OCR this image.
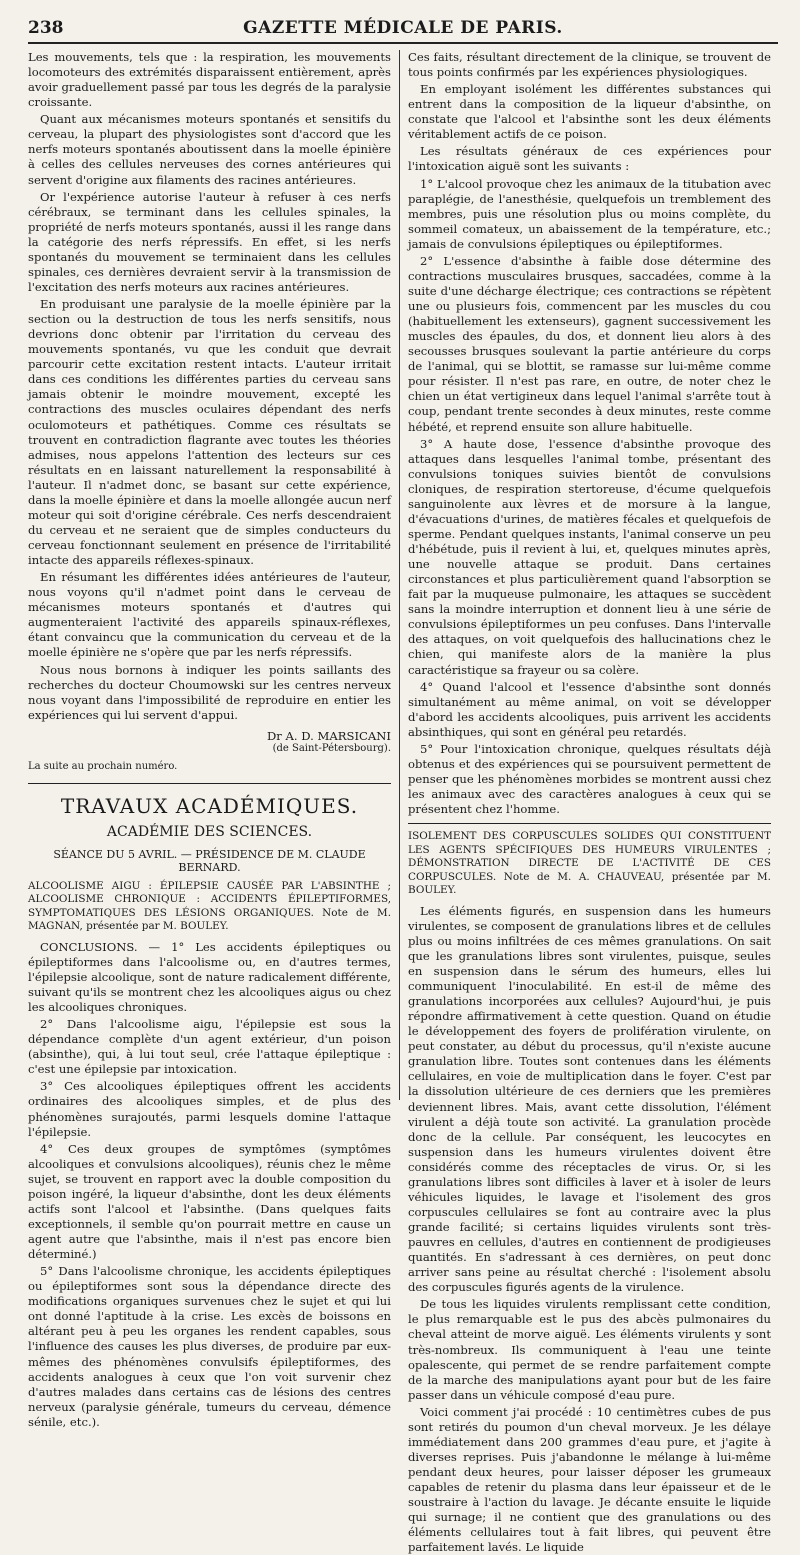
238	GAZETTE MÉDICALE DE PARIS.

Les mouvements, tels que : la respiration, les mouvements locomoteurs des extrémités disparaissent entièrement, après avoir graduellement passé par tous les degrés de la paralysie croissante.

Quant aux mécanismes moteurs spontanés et sensitifs du cerveau, la plupart des physiologistes sont d'accord que les nerfs moteurs spontanés aboutissent dans la moelle épinière à celles des cellules nerveuses des cornes antérieures qui servent d'origine aux filaments des racines antérieures.

Or l'expérience autorise l'auteur à refuser à ces nerfs cérébraux, se terminant dans les cellules spinales, la propriété de nerfs moteurs spontanés, aussi il les range dans la catégorie des nerfs répressifs. En effet, si les nerfs spontanés du mouvement se terminaient dans les cellules spinales, ces dernières devraient servir à la transmission de l'excitation des nerfs moteurs aux racines antérieures.

En produisant une paralysie de la moelle épinière par la section ou la destruction de tous les nerfs sensitifs, nous devrions donc obtenir par l'irritation du cerveau des mouvements spontanés, vu que les conduit que devrait parcourir cette excitation restent intacts. L'auteur irritait dans ces conditions les différentes parties du cerveau sans jamais obtenir le moindre mouvement, excepté les contractions des muscles oculaires dépendant des nerfs oculomoteurs et pathétiques. Comme ces résultats se trouvent en contradiction flagrante avec toutes les théories admises, nous appelons l'attention des lecteurs sur ces résultats en en laissant naturellement la responsabilité à l'auteur. Il n'admet donc, se basant sur cette expérience, dans la moelle épinière et dans la moelle allongée aucun nerf moteur qui soit d'origine cérébrale. Ces nerfs descendraient du cerveau et ne seraient que de simples conducteurs du cerveau fonctionnant seulement en présence de l'irritabilité intacte des appareils réflexes-spinaux.

En résumant les différentes idées antérieures de l'auteur, nous voyons qu'il n'admet point dans le cerveau de mécanismes moteurs spontanés et d'autres qui augmenteraient l'activité des appareils spinaux-réflexes, étant convaincu que la communication du cerveau et de la moelle épinière ne s'opère que par les nerfs répressifs.

Nous nous bornons à indiquer les points saillants des recherches du docteur Choumowski sur les centres nerveux nous voyant dans l'impossibilité de reproduire en entier les expériences qui lui servent d'appui.

Dr A. D. MARSICANI
(de Saint-Pétersbourg).

La suite au prochain numéro.

TRAVAUX ACADÉMIQUES.
ACADÉMIE DES SCIENCES.
SÉANCE DU 5 AVRIL. — PRÉSIDENCE DE M. CLAUDE BERNARD.

ALCOOLISME AIGU : ÉPILEPSIE CAUSÉE PAR L'ABSINTHE ; ALCOOLISME CHRONIQUE : ACCIDENTS ÉPILEPTIFORMES, SYMPTOMATIQUES DES LÉSIONS ORGANIQUES. Note de M. MAGNAN, présentée par M. BOULEY.

CONCLUSIONS. — 1° Les accidents épileptiques ou épileptiformes dans l'alcoolisme ou, en d'autres termes, l'épilepsie alcoolique, sont de nature radicalement différente, suivant qu'ils se montrent chez les alcooliques aigus ou chez les alcooliques chroniques.

2° Dans l'alcoolisme aigu, l'épilepsie est sous la dépendance complète d'un agent extérieur, d'un poison (absinthe), qui, à lui tout seul, crée l'attaque épileptique : c'est une épilepsie par intoxication.

3° Ces alcooliques épileptiques offrent les accidents ordinaires des alcooliques simples, et de plus des phénomènes surajoutés, parmi lesquels domine l'attaque l'épilepsie.

4° Ces deux groupes de symptômes (symptômes alcooliques et convulsions alcooliques), réunis chez le même sujet, se trouvent en rapport avec la double composition du poison ingéré, la liqueur d'absinthe, dont les deux éléments actifs sont l'alcool et l'absinthe. (Dans quelques faits exceptionnels, il semble qu'on pourrait mettre en cause un agent autre que l'absinthe, mais il n'est pas encore bien déterminé.)

5° Dans l'alcoolisme chronique, les accidents épileptiques ou épileptiformes sont sous la dépendance directe des modifications organiques survenues chez le sujet et qui lui ont donné l'aptitude à la crise. Les excès de boissons en altérant peu à peu les organes les rendent capables, sous l'influence des causes les plus diverses, de produire par eux-mêmes des phénomènes convulsifs épileptiformes, des accidents analogues à ceux que l'on voit survenir chez d'autres malades dans certains cas de lésions des centres nerveux (paralysie générale, tumeurs du cerveau, démence sénile, etc.).

Ces faits, résultant directement de la clinique, se trouvent de tous points confirmés par les expériences physiologiques.

En employant isolément les différentes substances qui entrent dans la composition de la liqueur d'absinthe, on constate que l'alcool et l'absinthe sont les deux éléments véritablement actifs de ce poison.

Les résultats généraux de ces expériences pour l'intoxication aiguë sont les suivants :

1° L'alcool provoque chez les animaux de la titubation avec paraplégie, de l'anesthésie, quelquefois un tremblement des membres, puis une résolution plus ou moins complète, du sommeil comateux, un abaissement de la température, etc.; jamais de convulsions épileptiques ou épileptiformes.

2° L'essence d'absinthe à faible dose détermine des contractions musculaires brusques, saccadées, comme à la suite d'une décharge électrique; ces contractions se répètent une ou plusieurs fois, commencent par les muscles du cou (habituellement les extenseurs), gagnent successivement les muscles des épaules, du dos, et donnent lieu alors à des secousses brusques soulevant la partie antérieure du corps de l'animal, qui se blottit, se ramasse sur lui-même comme pour résister. Il n'est pas rare, en outre, de noter chez le chien un état vertigineux dans lequel l'animal s'arrête tout à coup, pendant trente secondes à deux minutes, reste comme hébété, et reprend ensuite son allure habituelle.

3° A haute dose, l'essence d'absinthe provoque des attaques dans lesquelles l'animal tombe, présentant des convulsions toniques suivies bientôt de convulsions cloniques, de respiration stertoreuse, d'écume quelquefois sanguinolente aux lèvres et de morsure à la langue, d'évacuations d'urines, de matières fécales et quelquefois de sperme. Pendant quelques instants, l'animal conserve un peu d'hébétude, puis il revient à lui, et, quelques minutes après, une nouvelle attaque se produit. Dans certaines circonstances et plus particulièrement quand l'absorption se fait par la muqueuse pulmonaire, les attaques se succèdent sans la moindre interruption et donnent lieu à une série de convulsions épileptiformes un peu confuses. Dans l'intervalle des attaques, on voit quelquefois des hallucinations chez le chien, qui manifeste alors de la manière la plus caractéristique sa frayeur ou sa colère.

4° Quand l'alcool et l'essence d'absinthe sont donnés simultanément au même animal, on voit se développer d'abord les accidents alcooliques, puis arrivent les accidents absinthiques, qui sont en général peu retardés.

5° Pour l'intoxication chronique, quelques résultats déjà obtenus et des expériences qui se poursuivent permettent de penser que les phénomènes morbides se montrent aussi chez les animaux avec des caractères analogues à ceux qui se présentent chez l'homme.

ISOLEMENT DES CORPUSCULES SOLIDES QUI CONSTITUENT LES AGENTS SPÉCIFIQUES DES HUMEURS VIRULENTES ; DÉMONSTRATION DIRECTE DE L'ACTIVITÉ DE CES CORPUSCULES. Note de M. A. CHAUVEAU, présentée par M. BOULEY.

Les éléments figurés, en suspension dans les humeurs virulentes, se composent de granulations libres et de cellules plus ou moins infiltrées de ces mêmes granulations. On sait que les granulations libres sont virulentes, puisque, seules en suspension dans le sérum des humeurs, elles lui communiquent l'inoculabilité. En est-il de même des granulations incorporées aux cellules? Aujourd'hui, je puis répondre affirmativement à cette question. Quand on étudie le développement des foyers de prolifération virulente, on peut constater, au début du processus, qu'il n'existe aucune granulation libre. Toutes sont contenues dans les éléments cellulaires, en voie de multiplication dans le foyer. C'est par la dissolution ultérieure de ces derniers que les premières deviennent libres. Mais, avant cette dissolution, l'élément virulent a déjà toute son activité. La granulation procède donc de la cellule. Par conséquent, les leucocytes en suspension dans les humeurs virulentes doivent être considérés comme des réceptacles de virus. Or, si les granulations libres sont difficiles à laver et à isoler de leurs véhicules liquides, le lavage et l'isolement des gros corpuscules cellulaires se font au contraire avec la plus grande facilité; si certains liquides virulents sont très-pauvres en cellules, d'autres en contiennent de prodigieuses quantités. En s'adressant à ces dernières, on peut donc arriver sans peine au résultat cherché : l'isolement absolu des corpuscules figurés agents de la virulence.

De tous les liquides virulents remplissant cette condition, le plus remarquable est le pus des abcès pulmonaires du cheval atteint de morve aiguë. Les éléments virulents y sont très-nombreux. Ils communiquent à l'eau une teinte opalescente, qui permet de se rendre parfaitement compte de la marche des manipulations ayant pour but de les faire passer dans un véhicule composé d'eau pure.

Voici comment j'ai procédé : 10 centimètres cubes de pus sont retirés du poumon d'un cheval morveux. Je les délaye immédiatement dans 200 grammes d'eau pure, et j'agite à diverses reprises. Puis j'abandonne le mélange à lui-même pendant deux heures, pour laisser déposer les grumeaux capables de retenir du plasma dans leur épaisseur et de le soustraire à l'action du lavage. Je décante ensuite le liquide qui surnage; il ne contient que des granulations ou des éléments cellulaires tout à fait libres, qui peuvent être parfaitement lavés. Le liquide
